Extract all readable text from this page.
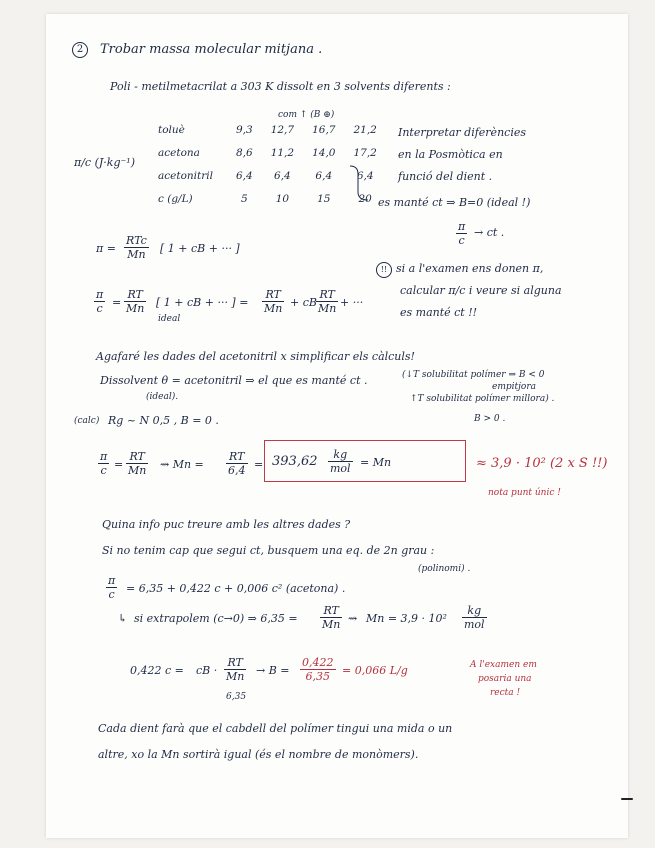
2	Trobar massa molecular mitjana .
Poli - metilmetacrilat a 303 K dissolt en 3 solvents diferents :
com ↑ (B ⊕)
π/c (J·kg⁻¹)
toluè	9,3	12,7	16,7	21,2
acetona	8,6	11,2	14,0	17,2
acetonitril	6,4	6,4	6,4	6,4
c (g/L)	5	10	15	20
Interpretar diferències
en la Posmòtica en
funció del dient .
es manté ct ⇒ B=0 (ideal !)
$\frac{\pi}{c}$ → ct .
π =
RTc
Mn [ 1 + cB + ··· ]
!! si a l'examen ens donen π,
calcular π/c i veure si alguna
es manté ct !!
$\frac{\pi}{c} = \frac{RT}{Mn}$ [ 1 + cB + ··· ] = $\frac{RT}{Mn}$ + cB $\frac{RT}{Mn}$ + ···
ideal
Agafaré les dades del acetonitril x simplificar els càlculs!
Dissolvent θ = acetonitril ⇒ el que es manté ct .
(ideal).
(↓T solubilitat polímer ⇒ B < 0
empitjora
↑T solubilitat polímer millora) .
B > 0 .
(calc) Rg ~ N 0,5 , B = 0 .
$\frac{\pi}{c} = \frac{RT}{Mn}$ ⇝ $Mn = \frac{RT}{6,4} = 393,62$	kg
mol = Mn	≈ 3,9 · 10² (2 x S !!)
nota punt únic !
Quina info puc treure amb les altres dades ?
Si no tenim cap que segui ct, busquem una eq. de 2n grau :
(polinomi) .
$\frac{\pi}{c} = 6,35 + 0,422$ c + 0,006 c² (acetona) .
↳ si extrapolem (c→0) ⇒ $6,35 = \frac{RT}{Mn}$ ⇝ Mn = 3,9 · 10²
kg
mol
0,422 c = cB · $\frac{RT}{Mn}$
6,35
→ $B = \frac{0,422}{6,35} = 0,066$ L/g	A l'examen em
posaria una
recta !
Cada dient farà que el cabdell del polímer tingui una mida o un
altre, xo la Mn sortirà igual (és el nombre de monòmers).
